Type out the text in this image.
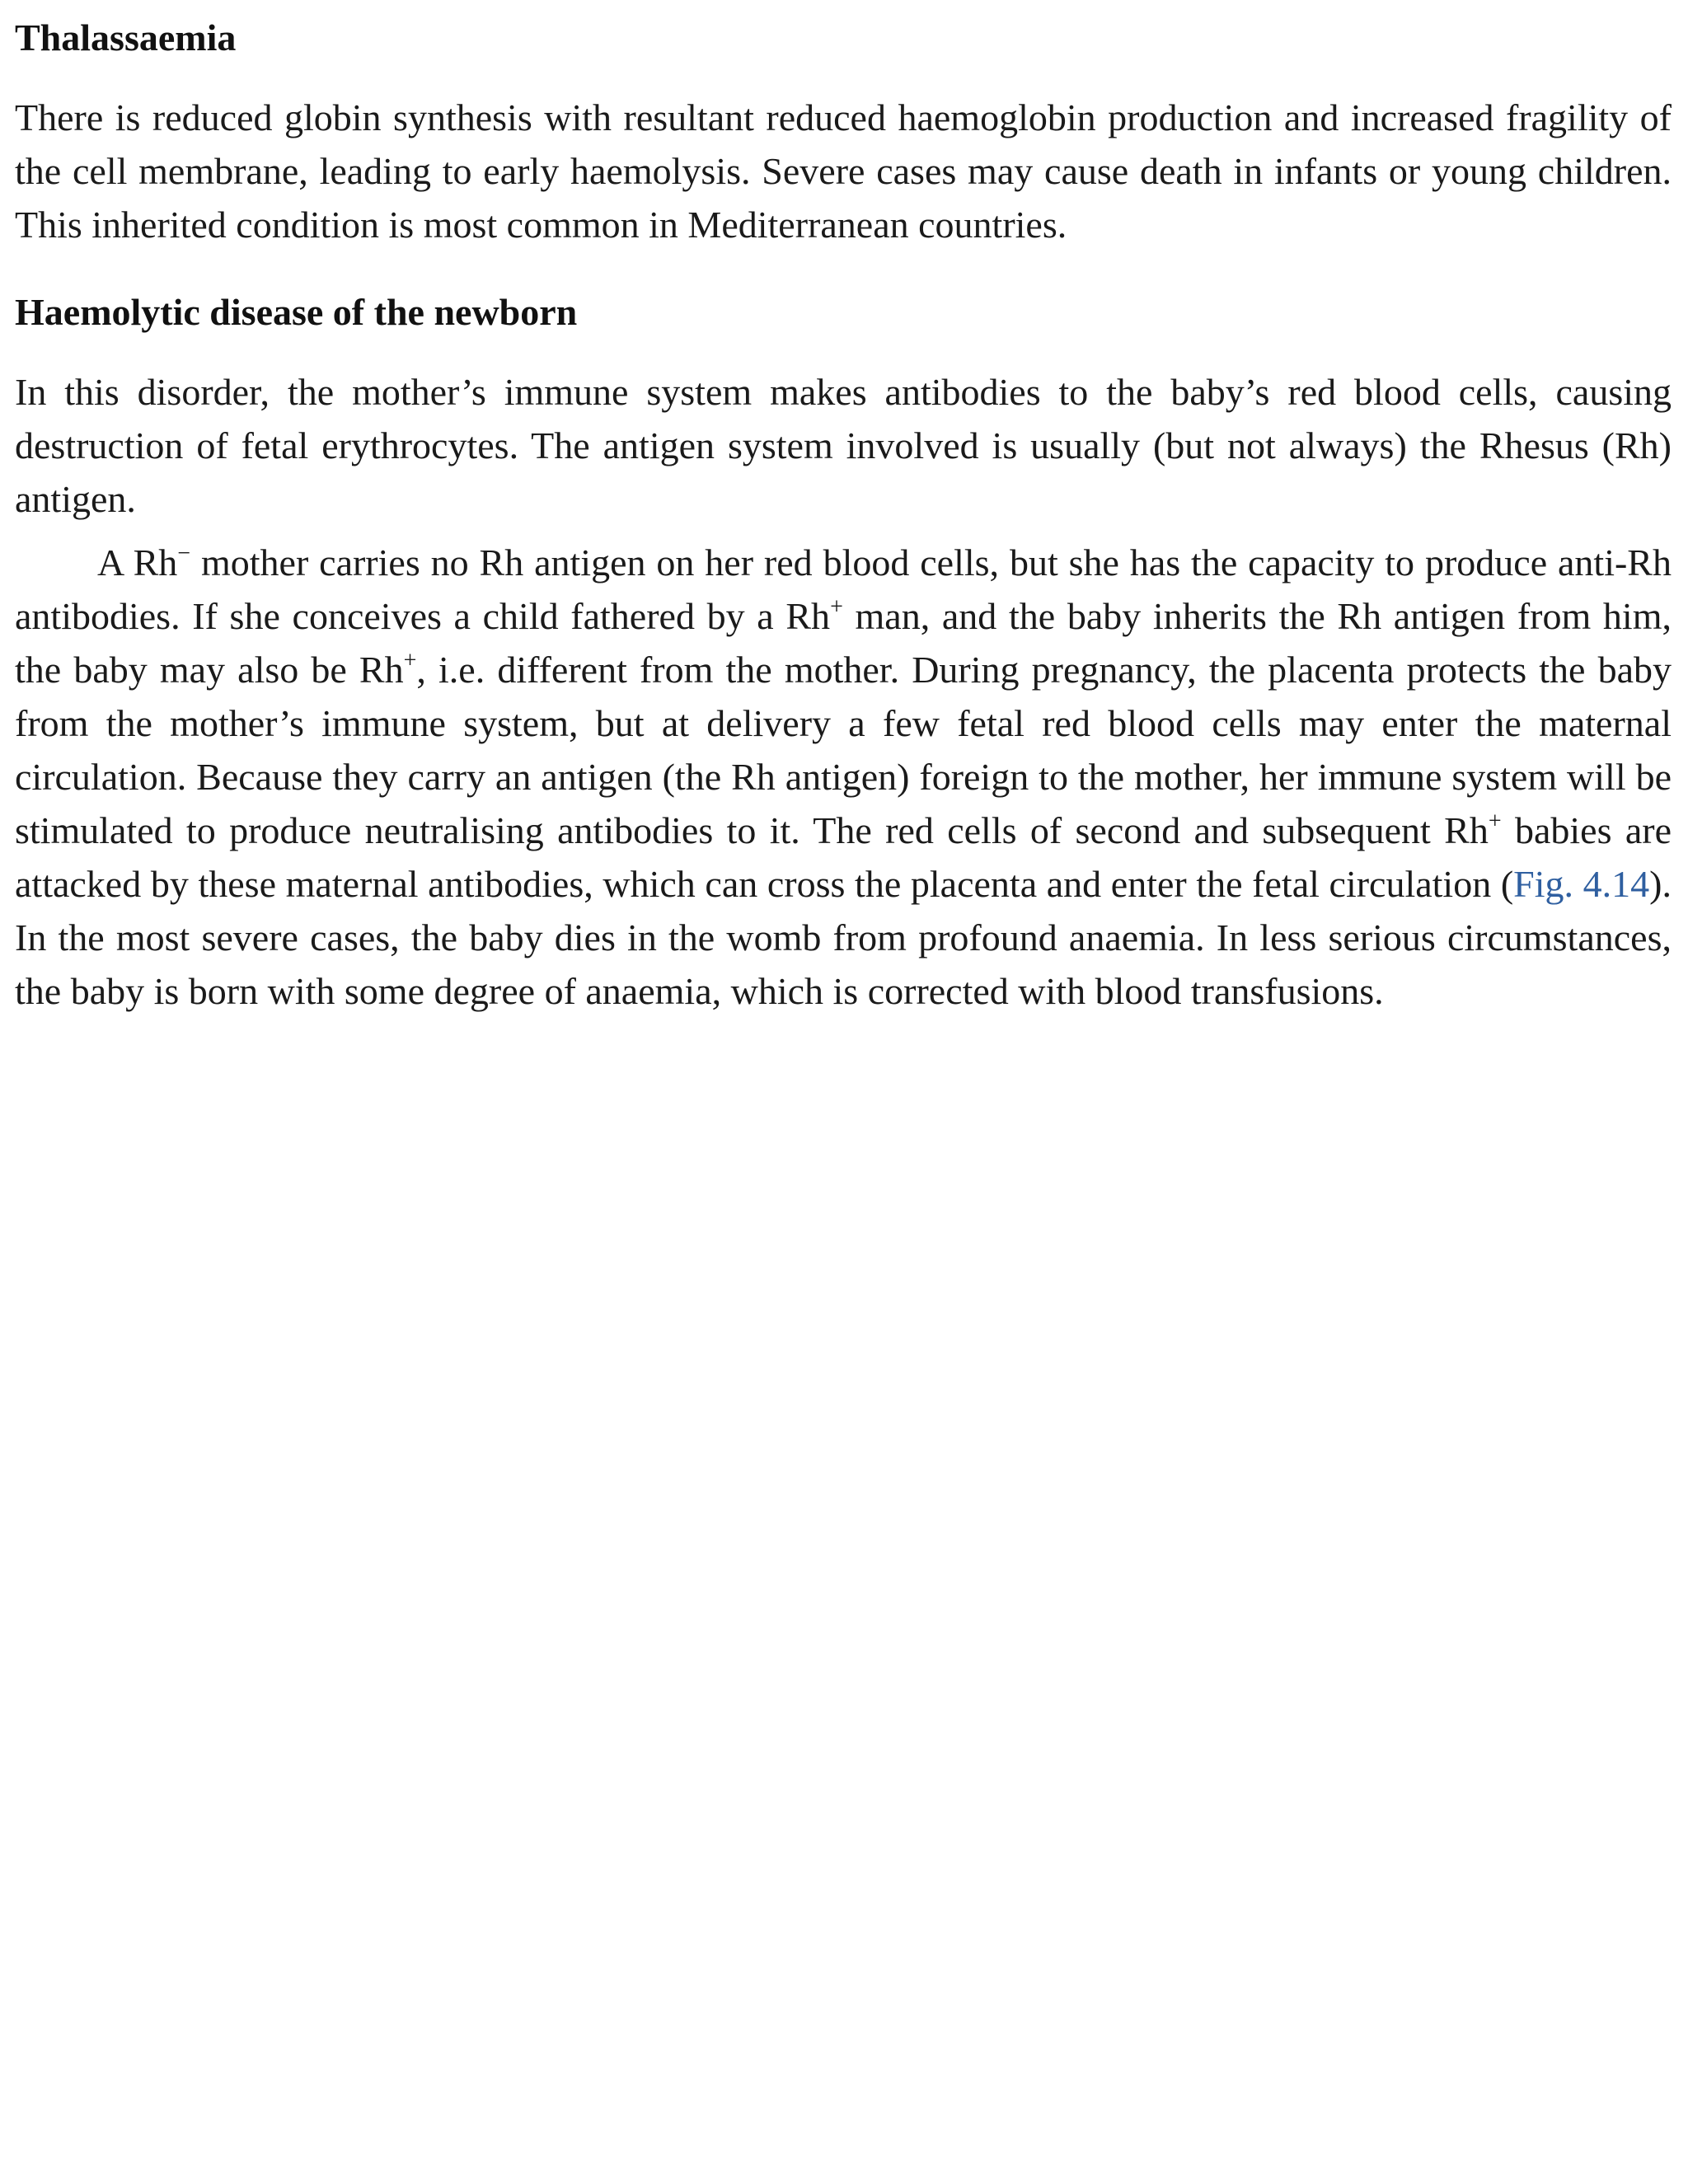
Thalassaemia

There is reduced globin synthesis with resultant reduced haemoglobin production and increased fragility of the cell membrane, leading to early haemolysis. Severe cases may cause death in infants or young children. This inherited condition is most common in Mediterranean countries.

Haemolytic disease of the newborn

In this disorder, the mother’s immune system makes antibodies to the baby’s red blood cells, causing destruction of fetal erythrocytes. The antigen system involved is usually (but not always) the Rhesus (Rh) antigen.

A Rh− mother carries no Rh antigen on her red blood cells, but she has the capacity to produce anti-Rh antibodies. If she conceives a child fathered by a Rh+ man, and the baby inherits the Rh antigen from him, the baby may also be Rh+, i.e. different from the mother. During pregnancy, the placenta protects the baby from the mother’s immune system, but at delivery a few fetal red blood cells may enter the maternal circulation. Because they carry an antigen (the Rh antigen) foreign to the mother, her immune system will be stimulated to produce neutralising antibodies to it. The red cells of second and subsequent Rh+ babies are attacked by these maternal antibodies, which can cross the placenta and enter the fetal circulation (Fig. 4.14). In the most severe cases, the baby dies in the womb from profound anaemia. In less serious circumstances, the baby is born with some degree of anaemia, which is corrected with blood transfusions.
